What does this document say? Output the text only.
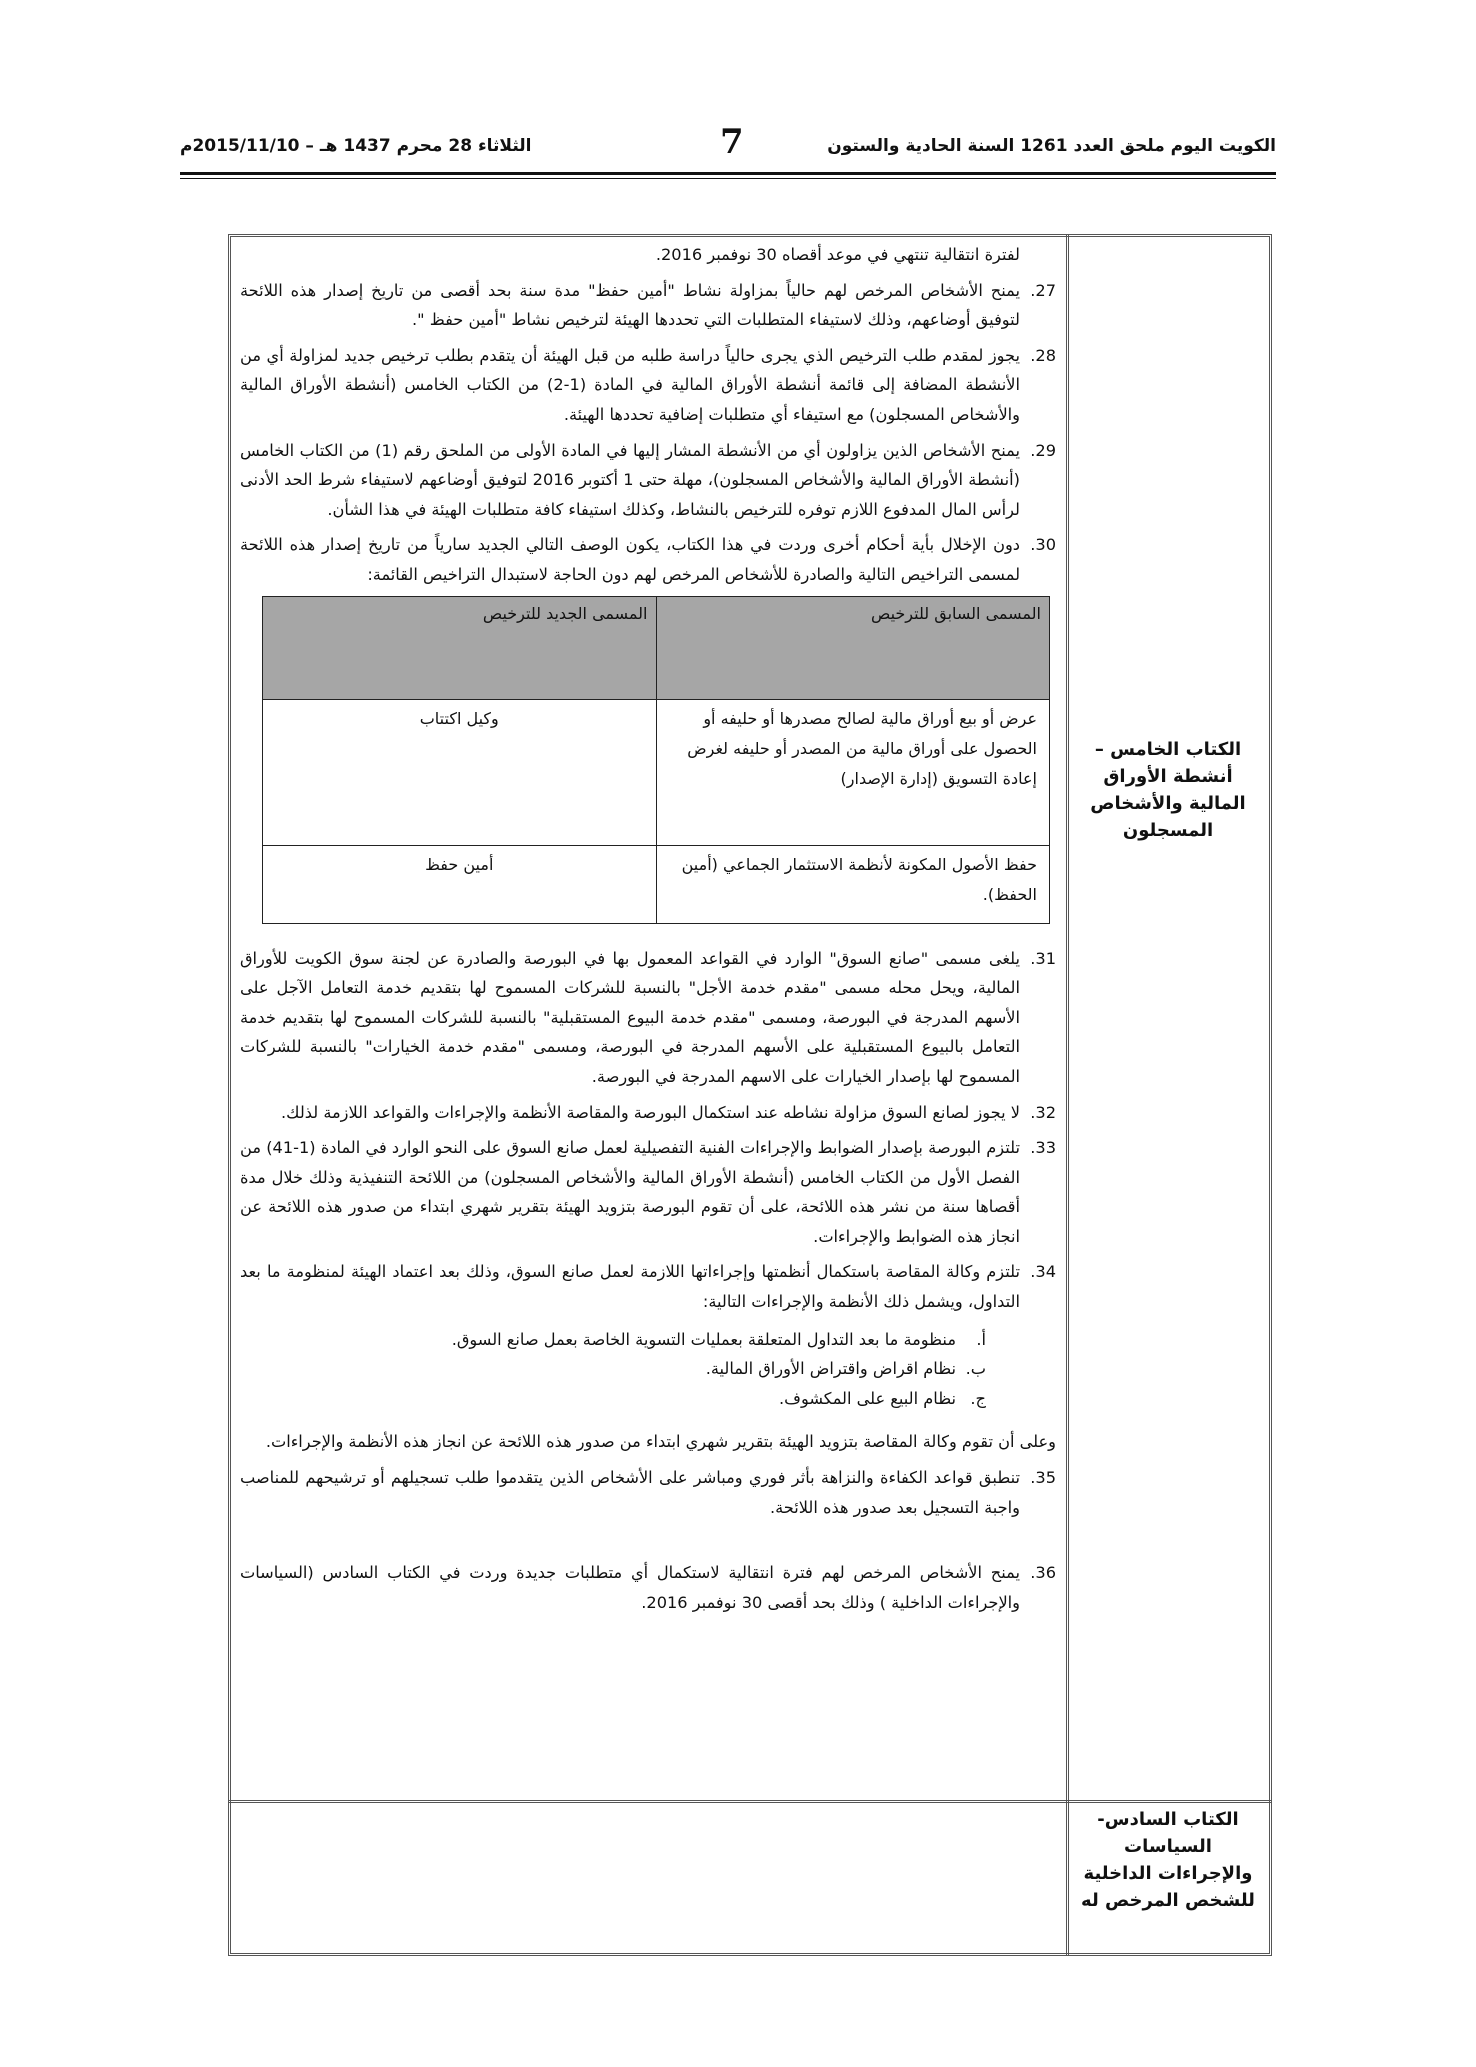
الكويت اليوم ملحق العدد 1261 السنة الحادية والستون
7
الثلاثاء 28 محرم 1437 هـ – 2015/11/10م
الكتاب الخامس – أنشطة الأوراق المالية والأشخاص المسجلون
الكتاب السادس- السياسات والإجراءات الداخلية للشخص المرخص له

لفترة انتقالية تنتهي في موعد أقصاه 30 نوفمبر 2016.

27.
يمنح الأشخاص المرخص لهم حالياً بمزاولة نشاط "أمين حفظ" مدة سنة بحد أقصى من تاريخ إصدار هذه اللائحة لتوفيق أوضاعهم، وذلك لاستيفاء المتطلبات التي تحددها الهيئة لترخيص نشاط "أمين حفظ ".
28.
يجوز لمقدم طلب الترخيص الذي يجرى حالياً دراسة طلبه من قبل الهيئة أن يتقدم بطلب ترخيص جديد لمزاولة أي من الأنشطة المضافة إلى قائمة أنشطة الأوراق المالية في المادة (1-2) من الكتاب الخامس (أنشطة الأوراق المالية والأشخاص المسجلون) مع استيفاء أي متطلبات إضافية تحددها الهيئة.
29.
يمنح الأشخاص الذين يزاولون أي من الأنشطة المشار إليها في المادة الأولى من الملحق رقم (1) من الكتاب الخامس (أنشطة الأوراق المالية والأشخاص المسجلون)، مهلة حتى 1 أكتوبر 2016 لتوفيق أوضاعهم لاستيفاء شرط الحد الأدنى لرأس المال المدفوع اللازم توفره للترخيص بالنشاط، وكذلك استيفاء كافة متطلبات الهيئة في هذا الشأن.
30.
دون الإخلال بأية أحكام أخرى وردت في هذا الكتاب، يكون الوصف التالي الجديد سارياً من تاريخ إصدار هذه اللائحة لمسمى التراخيص التالية والصادرة للأشخاص المرخص لهم دون الحاجة لاستبدال التراخيص القائمة:
المسمى السابق للترخيص	المسمى الجديد للترخيص
عرض أو بيع أوراق مالية لصالح مصدرها أو حليفه أو الحصول على أوراق مالية من المصدر أو حليفه لغرض إعادة التسويق (إدارة الإصدار)	وكيل اكتتاب
حفظ الأصول المكونة لأنظمة الاستثمار الجماعي (أمين الحفظ).	أمين حفظ
31.
يلغى مسمى "صانع السوق" الوارد في القواعد المعمول بها في البورصة والصادرة عن لجنة سوق الكويت للأوراق المالية، ويحل محله مسمى "مقدم خدمة الأجل" بالنسبة للشركات المسموح لها بتقديم خدمة التعامل الآجل على الأسهم المدرجة في البورصة، ومسمى "مقدم خدمة البيوع المستقبلية" بالنسبة للشركات المسموح لها بتقديم خدمة التعامل بالبيوع المستقبلية على الأسهم المدرجة في البورصة، ومسمى "مقدم خدمة الخيارات" بالنسبة للشركات المسموح لها بإصدار الخيارات على الاسهم المدرجة في البورصة.
32.
لا يجوز لصانع السوق مزاولة نشاطه عند استكمال البورصة والمقاصة الأنظمة والإجراءات والقواعد اللازمة لذلك.
33.
تلتزم البورصة بإصدار الضوابط والإجراءات الفنية التفصيلية لعمل صانع السوق على النحو الوارد في المادة (1-41) من الفصل الأول من الكتاب الخامس (أنشطة الأوراق المالية والأشخاص المسجلون) من اللائحة التنفيذية وذلك خلال مدة أقصاها سنة من نشر هذه اللائحة، على أن تقوم البورصة بتزويد الهيئة بتقرير شهري ابتداء من صدور هذه اللائحة عن انجاز هذه الضوابط والإجراءات.
34.
تلتزم وكالة المقاصة باستكمال أنظمتها وإجراءاتها اللازمة لعمل صانع السوق، وذلك بعد اعتماد الهيئة لمنظومة ما بعد التداول، ويشمل ذلك الأنظمة والإجراءات التالية:
أ.
منظومة ما بعد التداول المتعلقة بعمليات التسوية الخاصة بعمل صانع السوق.
ب.
نظام اقراض واقتراض الأوراق المالية.
ج.
نظام البيع على المكشوف.

وعلى أن تقوم وكالة المقاصة بتزويد الهيئة بتقرير شهري ابتداء من صدور هذه اللائحة عن انجاز هذه الأنظمة والإجراءات.

35.
تنطبق قواعد الكفاءة والنزاهة بأثر فوري ومباشر على الأشخاص الذين يتقدموا طلب تسجيلهم أو ترشيحهم للمناصب واجبة التسجيل بعد صدور هذه اللائحة.
36.
يمنح الأشخاص المرخص لهم فترة انتقالية لاستكمال أي متطلبات جديدة وردت في الكتاب السادس (السياسات والإجراءات الداخلية ) وذلك بحد أقصى 30 نوفمبر 2016.
